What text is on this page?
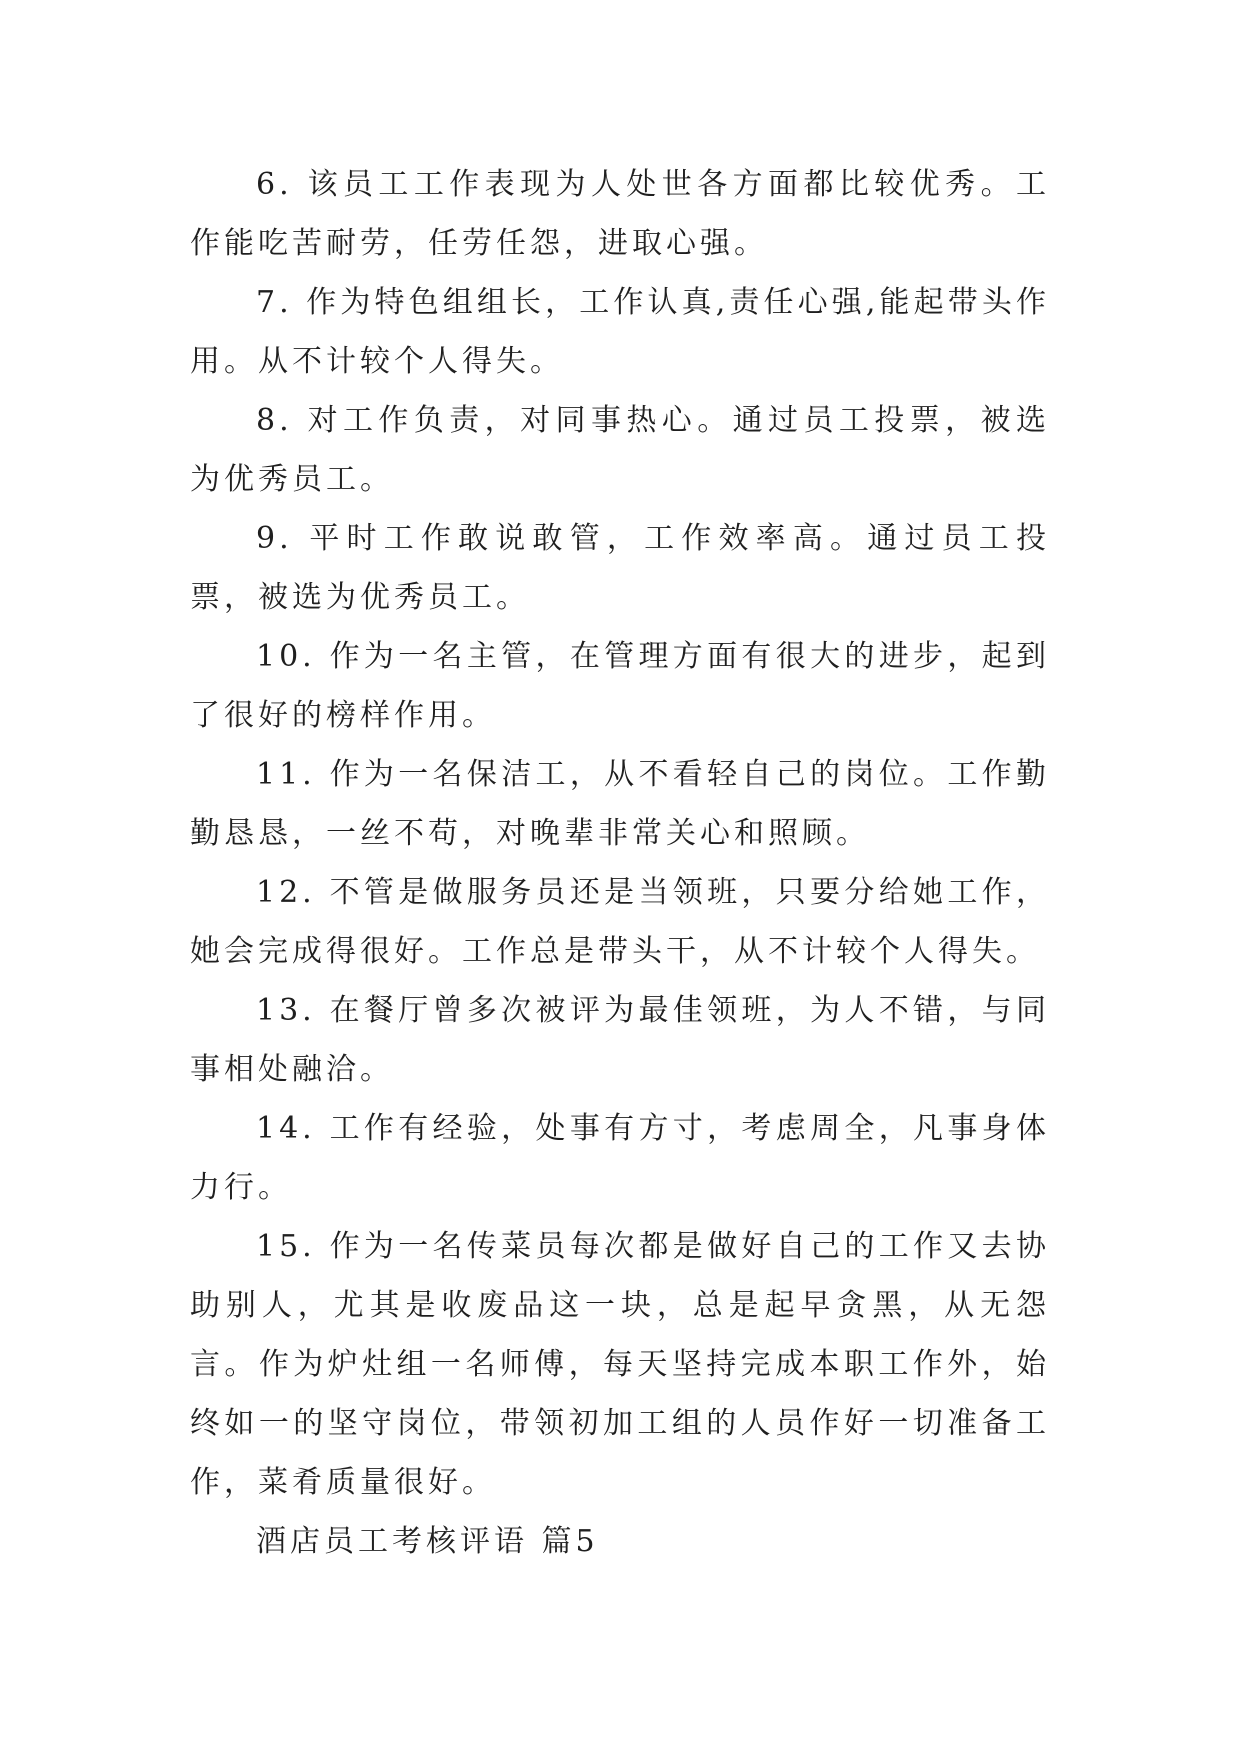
6. 该员工工作表现为人处世各方面都比较优秀。工作能吃苦耐劳，任劳任怨，进取心强。

7. 作为特色组组长，工作认真,责任心强,能起带头作用。从不计较个人得失。

8. 对工作负责，对同事热心。通过员工投票，被选为优秀员工。

9. 平时工作敢说敢管，工作效率高。通过员工投票，被选为优秀员工。

10. 作为一名主管，在管理方面有很大的进步，起到了很好的榜样作用。

11. 作为一名保洁工，从不看轻自己的岗位。工作勤勤恳恳，一丝不苟，对晚辈非常关心和照顾。

12. 不管是做服务员还是当领班，只要分给她工作，她会完成得很好。工作总是带头干，从不计较个人得失。

13. 在餐厅曾多次被评为最佳领班，为人不错，与同事相处融洽。

14. 工作有经验，处事有方寸，考虑周全，凡事身体力行。

15. 作为一名传菜员每次都是做好自己的工作又去协助别人，尤其是收废品这一块，总是起早贪黑，从无怨言。作为炉灶组一名师傅，每天坚持完成本职工作外，始终如一的坚守岗位，带领初加工组的人员作好一切准备工作，菜肴质量很好。

酒店员工考核评语 篇5
